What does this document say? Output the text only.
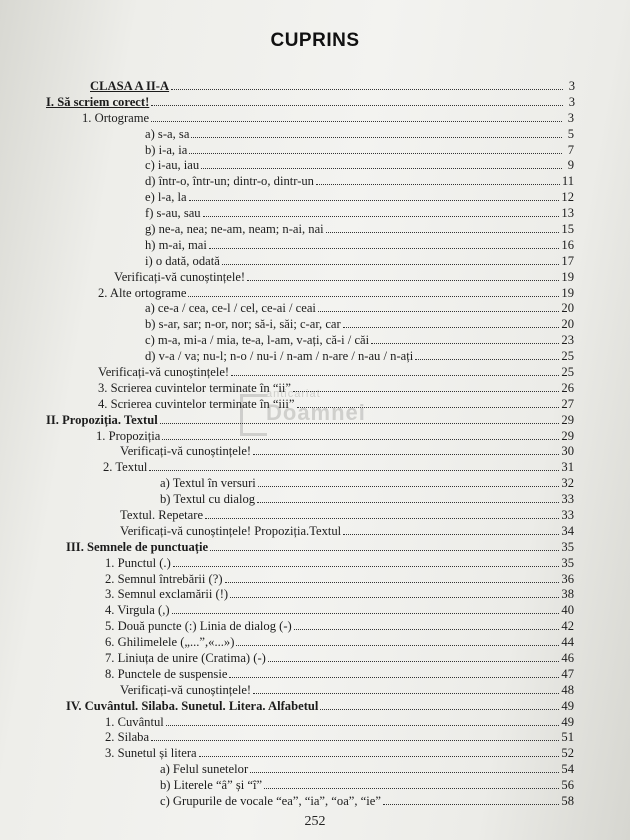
CUPRINS
anticariat
Doamnei
CLASA A II-A	3
I. Să scriem corect!	3
1. Ortograme	3
a) s-a, sa	5
b) i-a, ia	7
c) i-au, iau	9
d) într-o, într-un; dintr-o, dintr-un	11
e) l-a, la	12
f) s-au, sau	13
g) ne-a, nea; ne-am, neam; n-ai, nai	15
h) m-ai, mai	16
i) o dată, odată	17
Verificați-vă cunoștințele!	19
2. Alte ortograme	19
a) ce-a / cea, ce-l / cel, ce-ai / ceai	20
b) s-ar, sar; n-or, nor; să-i, săi; c-ar, car	20
c) m-a, mi-a / mia, te-a, l-am, v-ați, că-i / căi	23
d) v-a / va; nu-l; n-o / nu-i / n-am / n-are / n-au / n-ați	25
Verificați-vă cunoștințele!	25
3. Scrierea cuvintelor terminate în “ii”	26
4. Scrierea cuvintelor terminate în “iii”	27
II. Propoziția. Textul	29
1. Propoziția	29
Verificați-vă cunoștințele!	30
2. Textul	31
a) Textul în versuri	32
b) Textul cu dialog	33
Textul. Repetare	33
Verificați-vă cunoștințele! Propoziția.Textul	34
III. Semnele de punctuație	35
1. Punctul (.)	35
2. Semnul întrebării (?)	36
3. Semnul exclamării (!)	38
4. Virgula (,)	40
5. Două puncte (:) Linia de dialog (-)	42
6. Ghilimelele („...”,«...»)	44
7. Liniuța de unire (Cratima) (-)	46
8. Punctele de suspensie	47
Verificați-vă cunoștințele!	48
IV. Cuvântul. Silaba. Sunetul. Litera. Alfabetul	49
1. Cuvântul	49
2. Silaba	51
3. Sunetul și litera	52
a) Felul sunetelor	54
b) Literele “â” și “î”	56
c) Grupurile de vocale “ea”, “ia”, “oa”, “ie”	58
252
